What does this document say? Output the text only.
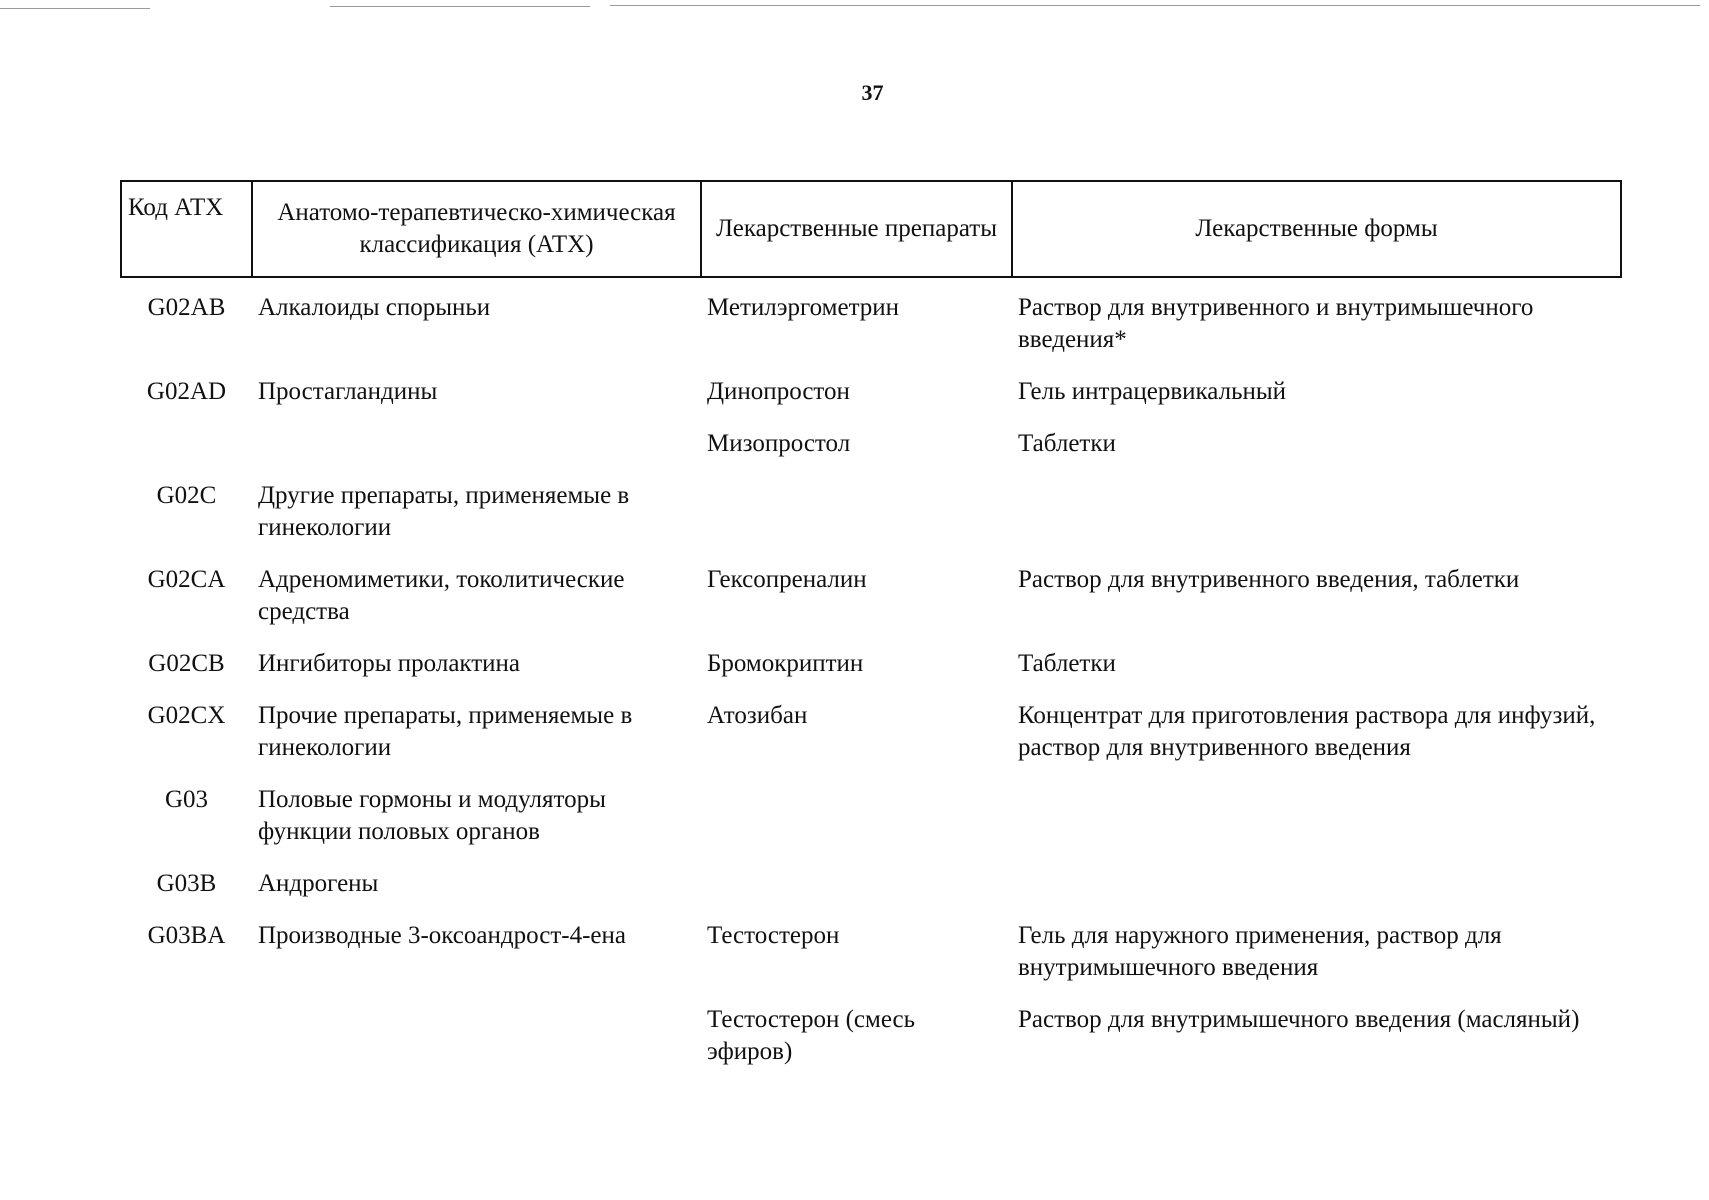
37
Код АТХ	Анатомо-терапевтическо-химическая классификация (АТХ)	Лекарственные препараты	Лекарственные формы
G02AB	Алкалоиды спорыньи	Метилэргометрин	Раствор для внутривенного и внутримышечного введения*
G02AD	Простагландины	Динопростон	Гель интрацервикальный
		Мизопростол	Таблетки
G02C	Другие препараты, применяемые в гинекологии		
G02CA	Адреномиметики, токолитические средства	Гексопреналин	Раствор для внутривенного введения, таблетки
G02CB	Ингибиторы пролактина	Бромокриптин	Таблетки
G02CX	Прочие препараты, применяемые в гинекологии	Атозибан	Концентрат для приготовления раствора для инфузий, раствор для внутривенного введения
G03	Половые гормоны и модуляторы функции половых органов		
G03B	Андрогены		
G03BA	Производные 3-оксоандрост-4-ена	Тестостерон	Гель для наружного применения, раствор для внутримышечного введения
		Тестостерон (смесь эфиров)	Раствор для внутримышечного введения (масляный)
